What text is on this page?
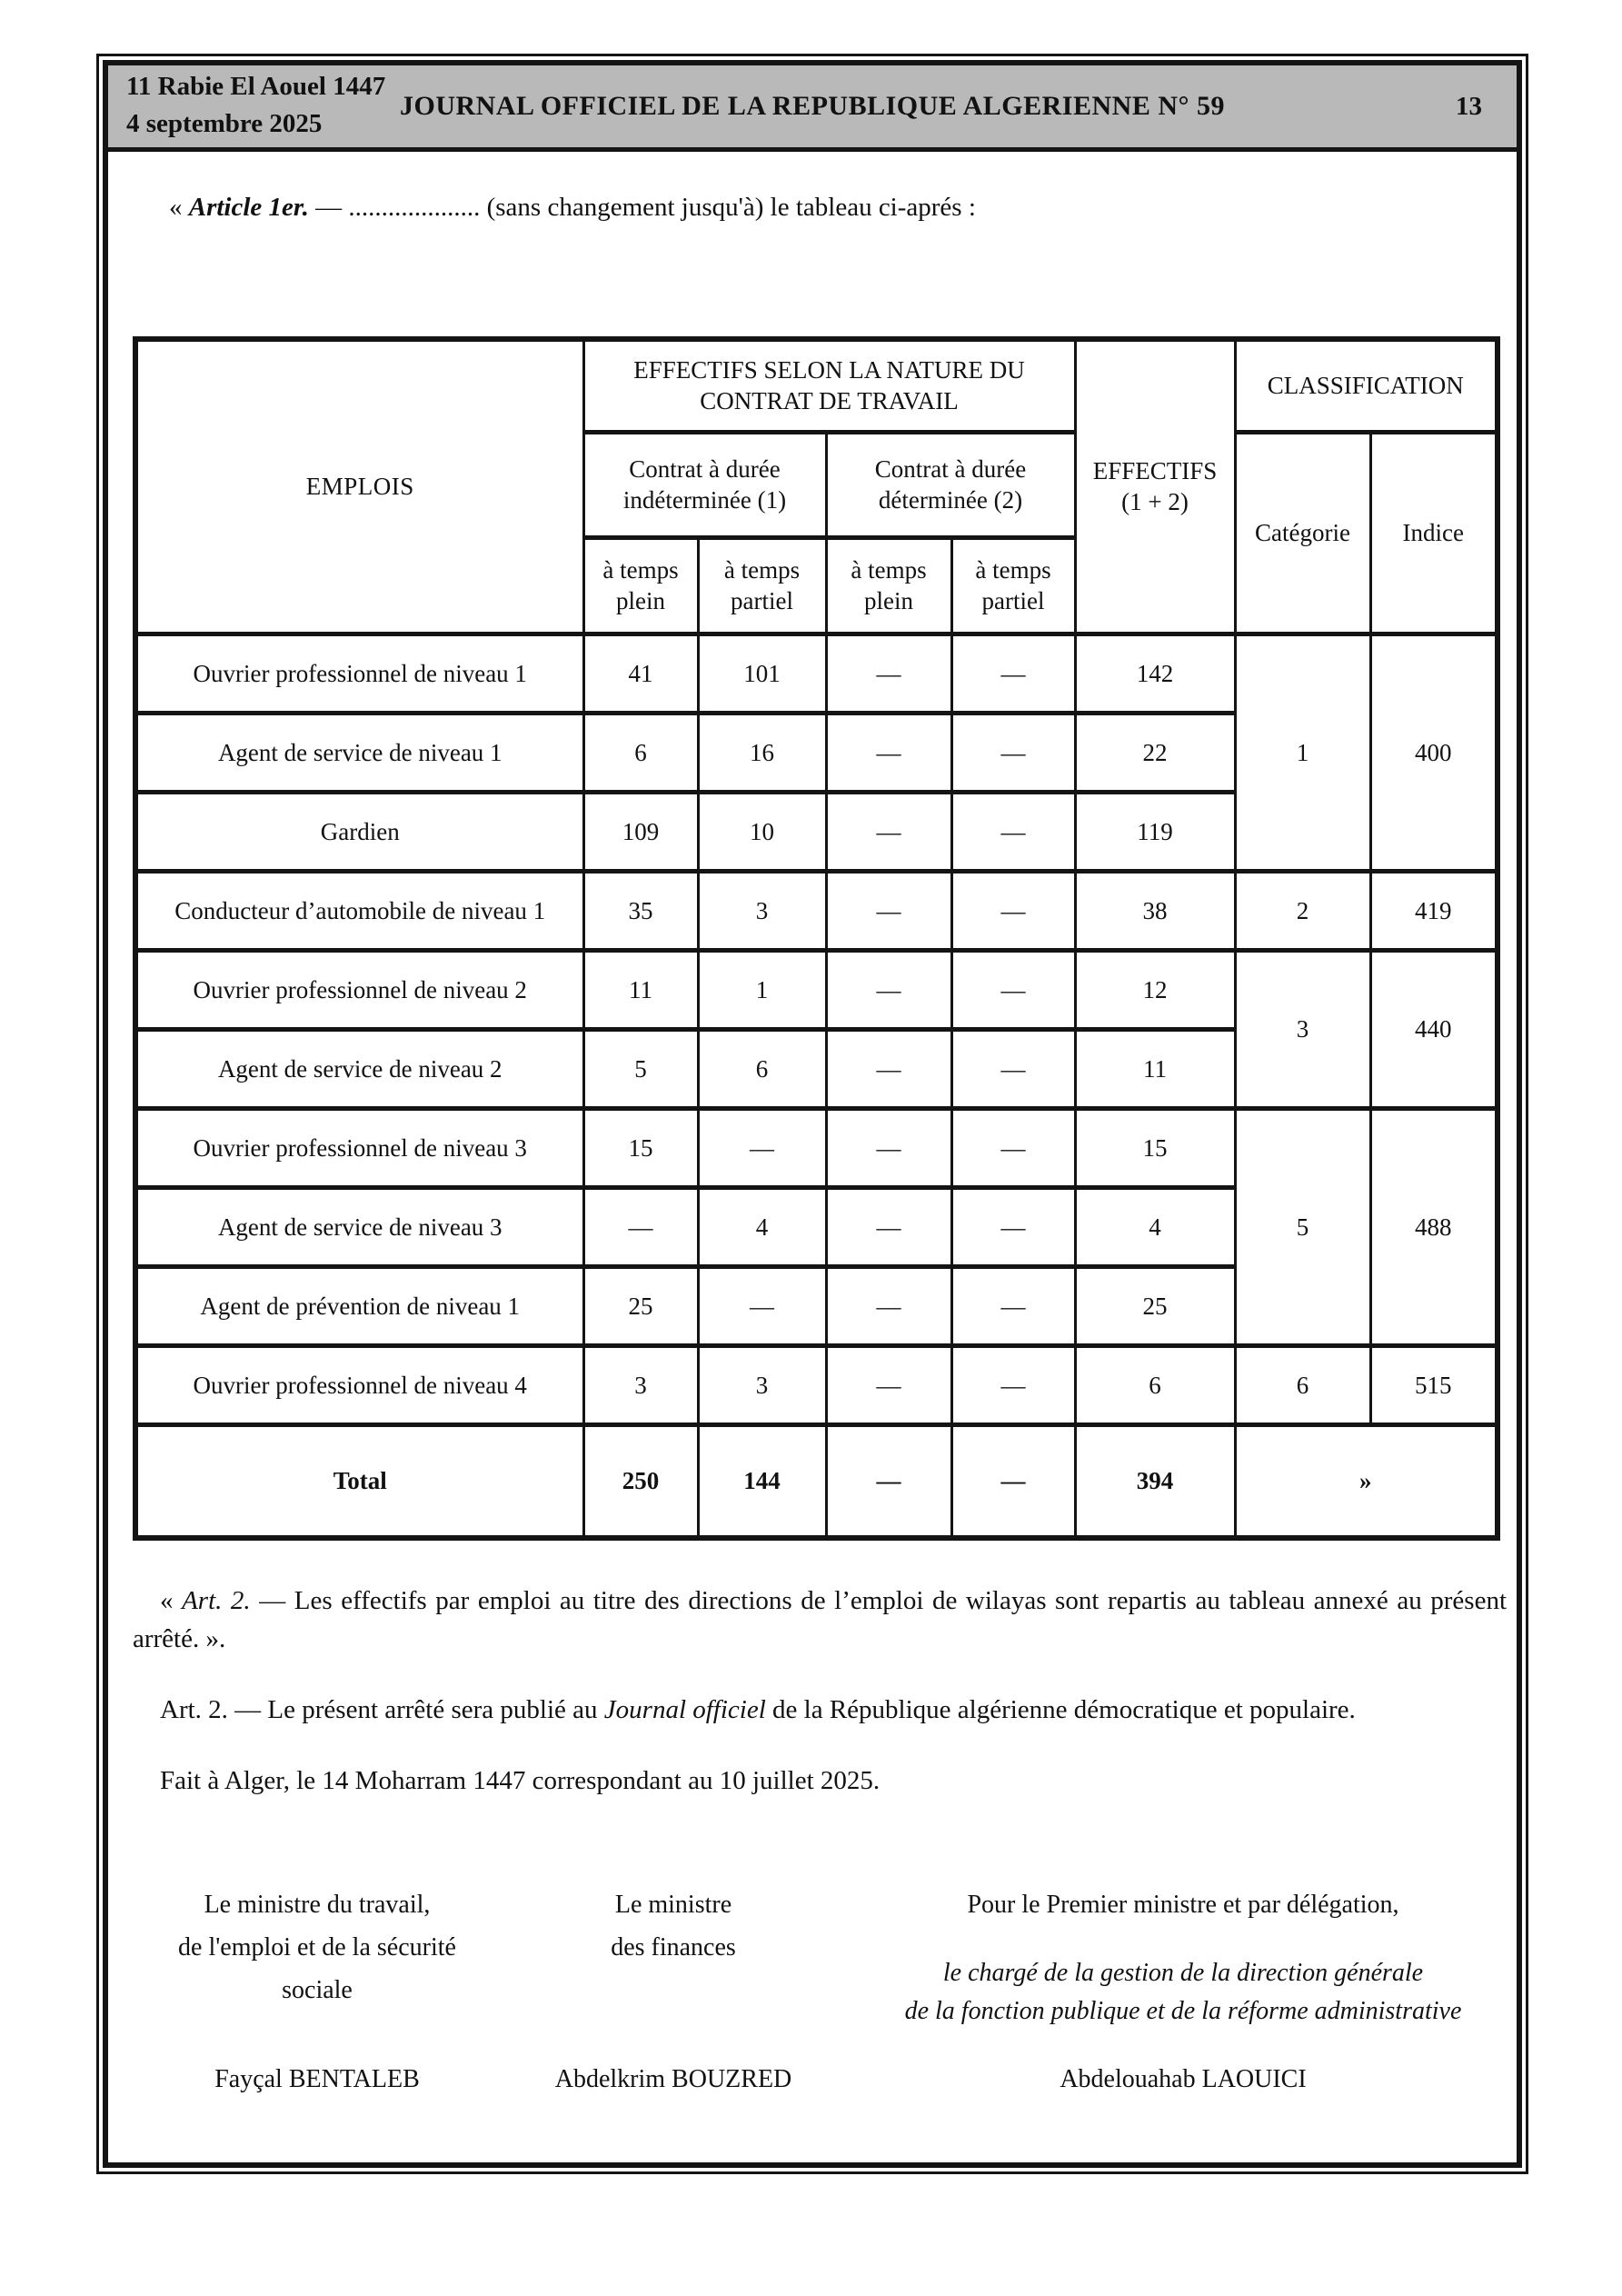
11 Rabie El Aouel 1447
4 septembre 2025
JOURNAL OFFICIEL DE LA REPUBLIQUE ALGERIENNE N° 59	13
« Article 1er. — .................... (sans changement jusqu'à) le tableau ci-aprés :
EMPLOIS	EFFECTIFS SELON LA NATURE DU CONTRAT DE TRAVAIL				EFFECTIFS (1 + 2)	CLASSIFICATION	
	Contrat à durée indéterminée (1)		Contrat à durée déterminée (2)			Catégorie	Indice
	à temps plein	à temps partiel	à temps plein	à temps partiel			
Ouvrier professionnel de niveau 1	41	101	—	—	142	1	400
Agent de service de niveau 1	6	16	—	—	22		
Gardien	109	10	—	—	119		
Conducteur d’automobile de niveau 1	35	3	—	—	38	2	419
Ouvrier professionnel de niveau 2	11	1	—	—	12	3	440
Agent de service de niveau 2	5	6	—	—	11		
Ouvrier professionnel de niveau 3	15	—	—	—	15	5	488
Agent de service de niveau 3	—	4	—	—	4		
Agent de prévention de niveau 1	25	—	—	—	25		
Ouvrier professionnel de niveau 4	3	3	—	—	6	6	515
Total	250	144	—	—	394	»	
« Art. 2. — Les effectifs par emploi au titre des directions de l’emploi de wilayas sont repartis au tableau annexé au présent arrêté. ».
Art. 2. — Le présent arrêté sera publié au Journal officiel de la République algérienne démocratique et populaire.
Fait à Alger, le 14 Moharram 1447 correspondant au 10 juillet 2025.
Le ministre du travail,
de l'emploi et de la sécurité
sociale
Le ministre
des finances
Pour le Premier ministre et par délégation,
le chargé de la gestion de la direction générale
de la fonction publique et de la réforme administrative
Fayçal BENTALEB	Abdelkrim BOUZRED	Abdelouahab LAOUICI
